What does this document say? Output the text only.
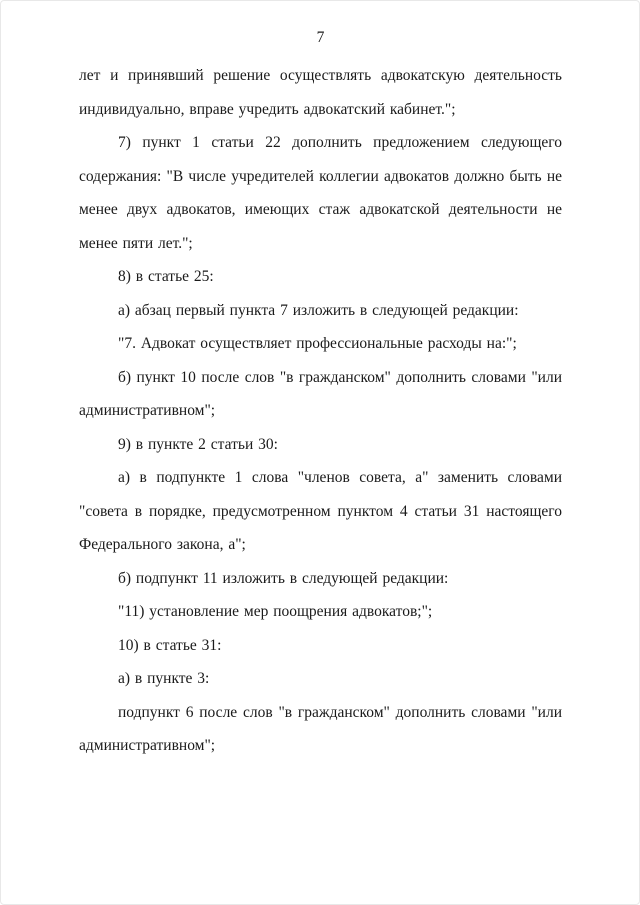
7

лет и принявший решение осуществлять адвокатскую деятельность индивидуально, вправе учредить адвокатский кабинет.";

7) пункт 1 статьи 22 дополнить предложением следующего содержания: "В числе учредителей коллегии адвокатов должно быть не менее двух адвокатов, имеющих стаж адвокатской деятельности не менее пяти лет.";

8) в статье 25:

а) абзац первый пункта 7 изложить в следующей редакции:

"7. Адвокат осуществляет профессиональные расходы на:";

б) пункт 10 после слов "в гражданском" дополнить словами "или административном";

9) в пункте 2 статьи 30:

а) в подпункте 1 слова "членов совета, а" заменить словами "совета в порядке, предусмотренном пунктом 4 статьи 31 настоящего Федерального закона, а";

б) подпункт 11 изложить в следующей редакции:

"11) установление мер поощрения адвокатов;";

10) в статье 31:

а) в пункте 3:

подпункт 6 после слов "в гражданском" дополнить словами "или административном";
